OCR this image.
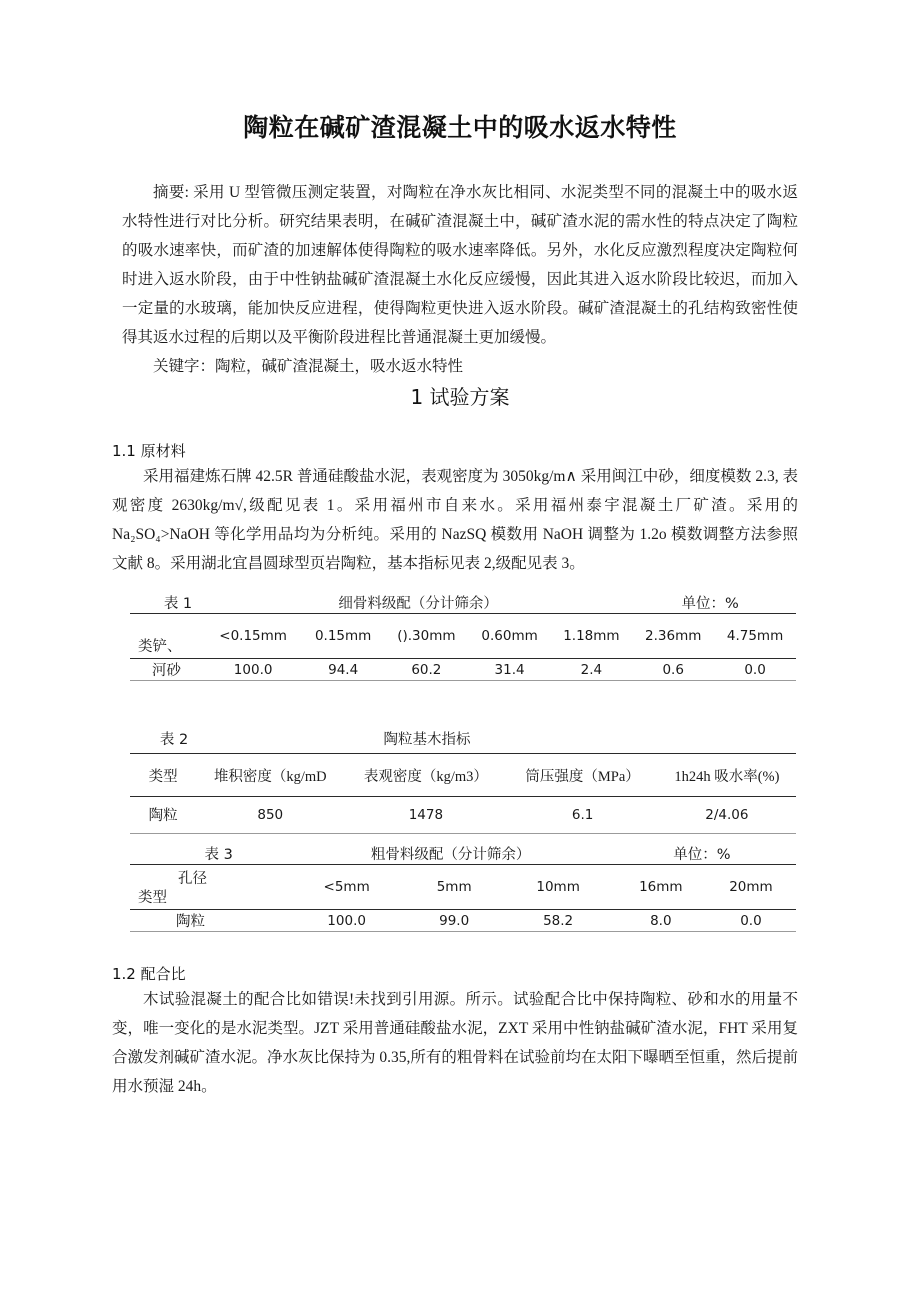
陶粒在碱矿渣混凝土中的吸水返水特性

摘要: 采用 U 型管微压测定装置，对陶粒在净水灰比相同、水泥类型不同的混凝土中的吸水返水特性进行对比分析。研究结果表明，在碱矿渣混凝土中，碱矿渣水泥的需水性的特点决定了陶粒的吸水速率快，而矿渣的加速解体使得陶粒的吸水速率降低。另外，水化反应激烈程度决定陶粒何时进入返水阶段，由于中性钠盐碱矿渣混凝土水化反应缓慢，因此其进入返水阶段比较迟，而加入一定量的水玻璃，能加快反应进程，使得陶粒更快进入返水阶段。碱矿渣混凝土的孔结构致密性使得其返水过程的后期以及平衡阶段进程比普通混凝土更加缓慢。

关键字：陶粒，碱矿渣混凝土，吸水返水特性

1 试验方案
1.1 原材料

采用福建炼石牌 42.5R 普通硅酸盐水泥，表观密度为 3050kg/m∧ 采用闽江中砂，细度模数 2.3, 表观密度 2630kg/m√,级配见表 1。采用福州市自来水。采用福州泰宇混凝土厂矿渣。采用的 Na₂SO₄>NaOH 等化学用品均为分析纯。采用的 NazSQ 模数用 NaOH 调整为 1.2o 模数调整方法参照文献 8。采用湖北宜昌圆球型页岩陶粒，基本指标见表 2,级配见表 3。

表 1	细骨料级配（分计筛余）					单位：%	

类铲、	<0.15mm	0.15mm	().30mm	0.60mm	1.18mm	2.36mm	4.75mm
河砂	100.0	94.4	60.2	31.4	2.4	0.6	0.0
表 2	陶粒基木指标			
类型	堆积密度（kg/mD	表观密度（kg/m3）	筒压强度（MPa）	1h24h 吸水率(%)
陶粒	850	1478	6.1	2/4.06
表 3	粗骨料级配（分计筛余）			单位：%	

孔径
类型	<5mm	5mm	10mm	16mm	20mm
陶粒	100.0	99.0	58.2	8.0	0.0
1.2 配合比

木试验混凝土的配合比如错误!未找到引用源。所示。试验配合比中保持陶粒、砂和水的用量不变，唯一变化的是水泥类型。JZT 采用普通硅酸盐水泥，ZXT 采用中性钠盐碱矿渣水泥，FHT 采用复合激发剂碱矿渣水泥。净水灰比保持为 0.35,所有的粗骨料在试验前均在太阳下曝晒至恒重，然后提前用水预湿 24h。
